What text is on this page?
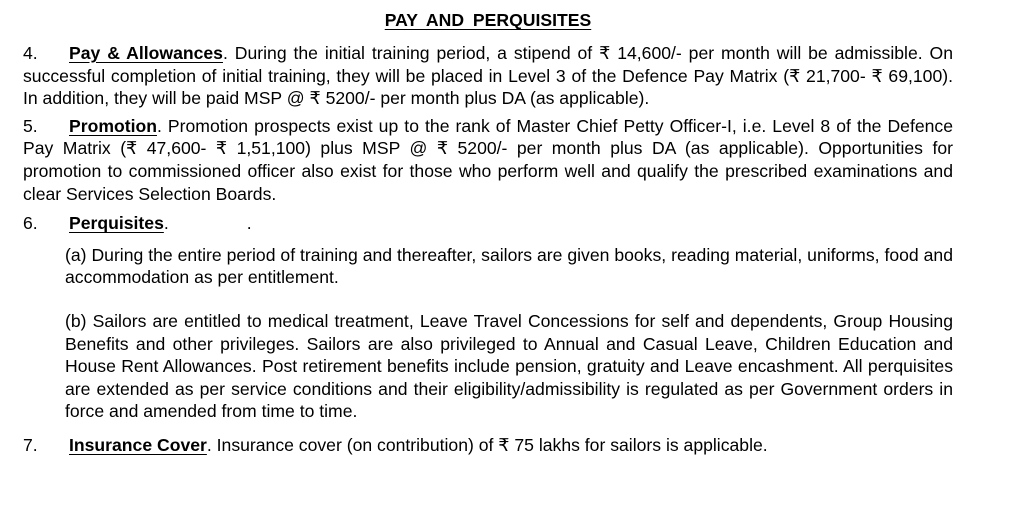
PAY AND PERQUISITES
4. Pay & Allowances. During the initial training period, a stipend of ₹ 14,600/- per month will be admissible. On successful completion of initial training, they will be placed in Level 3 of the Defence Pay Matrix (₹ 21,700- ₹ 69,100). In addition, they will be paid MSP @ ₹ 5200/- per month plus DA (as applicable).
5. Promotion. Promotion prospects exist up to the rank of Master Chief Petty Officer-I, i.e. Level 8 of the Defence Pay Matrix (₹ 47,600- ₹ 1,51,100) plus MSP @ ₹ 5200/- per month plus DA (as applicable). Opportunities for promotion to commissioned officer also exist for those who perform well and qualify the prescribed examinations and clear Services Selection Boards.
6. Perquisites.	.
(a) During the entire period of training and thereafter, sailors are given books, reading material, uniforms, food and accommodation as per entitlement.
(b) Sailors are entitled to medical treatment, Leave Travel Concessions for self and dependents, Group Housing Benefits and other privileges. Sailors are also privileged to Annual and Casual Leave, Children Education and House Rent Allowances. Post retirement benefits include pension, gratuity and Leave encashment. All perquisites are extended as per service conditions and their eligibility/admissibility is regulated as per Government orders in force and amended from time to time.
7. Insurance Cover. Insurance cover (on contribution) of ₹ 75 lakhs for sailors is applicable.
